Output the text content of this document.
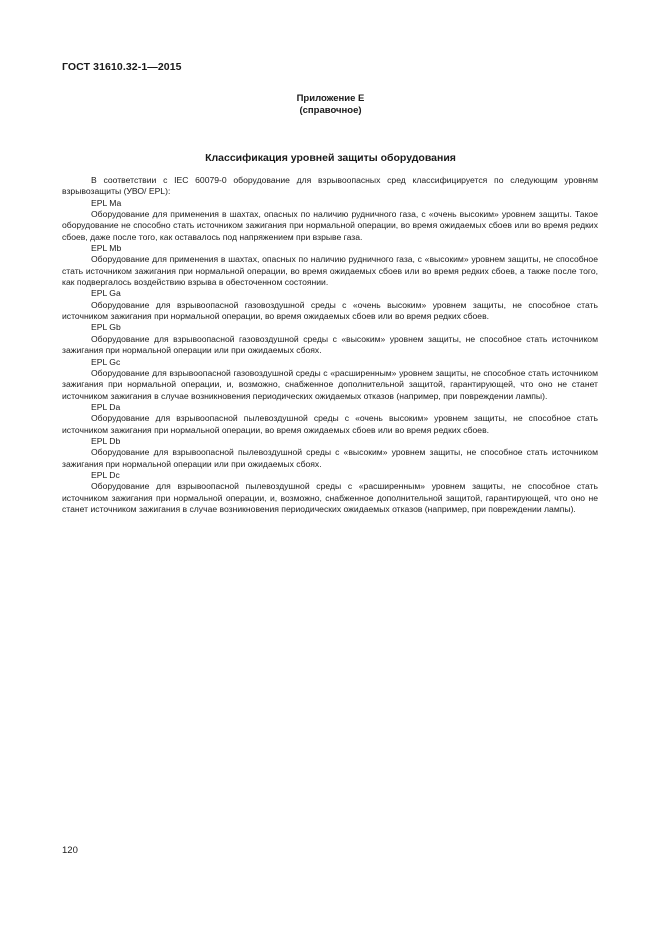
ГОСТ 31610.32-1—2015
Приложение Е
(справочное)
Классификация уровней защиты оборудования

В соответствии с IEC 60079-0 оборудование для взрывоопасных сред классифицируется по следующим уровням взрывозащиты (УВО/ EPL):

EPL Ma

Оборудование для применения в шахтах, опасных по наличию рудничного газа, с «очень высоким» уровнем защиты. Такое оборудование не способно стать источником зажигания при нормальной операции, во время ожидаемых сбоев или во время редких сбоев, даже после того, как оставалось под напряжением при взрыве газа.

EPL Mb

Оборудование для применения в шахтах, опасных по наличию рудничного газа, с «высоким» уровнем защиты, не способное стать источником зажигания при нормальной операции, во время ожидаемых сбоев или во время редких сбоев, а также после того, как подвергалось воздействию взрыва в обесточенном состоянии.

EPL Ga

Оборудование для взрывоопасной газовоздушной среды с «очень высоким» уровнем защиты, не способное стать источником зажигания при нормальной операции, во время ожидаемых сбоев или во время редких сбоев.

EPL Gb

Оборудование для взрывоопасной газовоздушной среды с «высоким» уровнем защиты, не способное стать источником зажигания при нормальной операции или при ожидаемых сбоях.

EPL Gc

Оборудование для взрывоопасной газовоздушной среды с «расширенным» уровнем защиты, не способное стать источником зажигания при нормальной операции, и, возможно, снабженное дополнительной защитой, гарантирующей, что оно не станет источником зажигания в случае возникновения периодических ожидаемых отказов (например, при повреждении лампы).

EPL Da

Оборудование для взрывоопасной пылевоздушной среды с «очень высоким» уровнем защиты, не способное стать источником зажигания при нормальной операции, во время ожидаемых сбоев или во время редких сбоев.

EPL Db

Оборудование для взрывоопасной пылевоздушной среды с «высоким» уровнем защиты, не способное стать источником зажигания при нормальной операции или при ожидаемых сбоях.

EPL Dc

Оборудование для взрывоопасной пылевоздушной среды с «расширенным» уровнем защиты, не способное стать источником зажигания при нормальной операции, и, возможно, снабженное дополнительной защитой, гарантирующей, что оно не станет источником зажигания в случае возникновения периодических ожидаемых отказов (например, при повреждении лампы).

120
